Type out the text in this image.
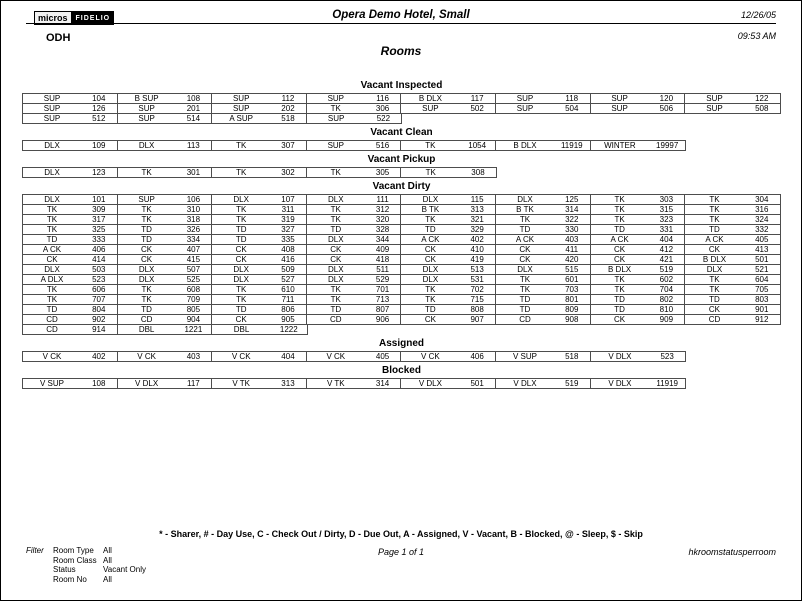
micros	FIDELIO
ODH
Opera Demo Hotel, Small	12/26/05
09:53 AM
Rooms
Vacant Inspected
SUP	104	B SUP	108	SUP	112	SUP	116	B DLX	117	SUP	118	SUP	120	SUP	122
SUP	126	SUP	201	SUP	202	TK	306	SUP	502	SUP	504	SUP	506	SUP	508
SUP	512	SUP	514	A SUP	518	SUP	522
Vacant Clean
DLX	109	DLX	113	TK	307	SUP	516	TK	1054	B DLX	11919	WINTER	19997
Vacant Pickup
DLX	123	TK	301	TK	302	TK	305	TK	308
Vacant Dirty
DLX	101	SUP	106	DLX	107	DLX	111	DLX	115	DLX	125	TK	303	TK	304
TK	309	TK	310	TK	311	TK	312	B TK	313	B TK	314	TK	315	TK	316
TK	317	TK	318	TK	319	TK	320	TK	321	TK	322	TK	323	TK	324
TK	325	TD	326	TD	327	TD	328	TD	329	TD	330	TD	331	TD	332
TD	333	TD	334	TD	335	DLX	344	A CK	402	A CK	403	A CK	404	A CK	405
A CK	406	CK	407	CK	408	CK	409	CK	410	CK	411	CK	412	CK	413
CK	414	CK	415	CK	416	CK	418	CK	419	CK	420	CK	421	B DLX	501
DLX	503	DLX	507	DLX	509	DLX	511	DLX	513	DLX	515	B DLX	519	DLX	521
A DLX	523	DLX	525	DLX	527	DLX	529	DLX	531	TK	601	TK	602	TK	604
TK	606	TK	608	TK	610	TK	701	TK	702	TK	703	TK	704	TK	705
TK	707	TK	709	TK	711	TK	713	TK	715	TD	801	TD	802	TD	803
TD	804	TD	805	TD	806	TD	807	TD	808	TD	809	TD	810	CK	901
CD	902	CD	904	CK	905	CD	906	CK	907	CD	908	CK	909	CD	912
CD	914	DBL	1221	DBL	1222
Assigned
V CK	402	V CK	403	V CK	404	V CK	405	V CK	406	V SUP	518	V DLX	523
Blocked
V SUP	108	V DLX	117	V TK	313	V TK	314	V DLX	501	V DLX	519	V DLX	11919
* - Sharer, # - Day Use, C - Check Out / Dirty, D - Due Out, A - Assigned, V - Vacant, B - Blocked, @ - Sleep, $ - Skip
Page 1 of 1	hkroomstatusperroom
Filter	Room Type	All
Room Class All
Status	Vacant Only
Room No	All
